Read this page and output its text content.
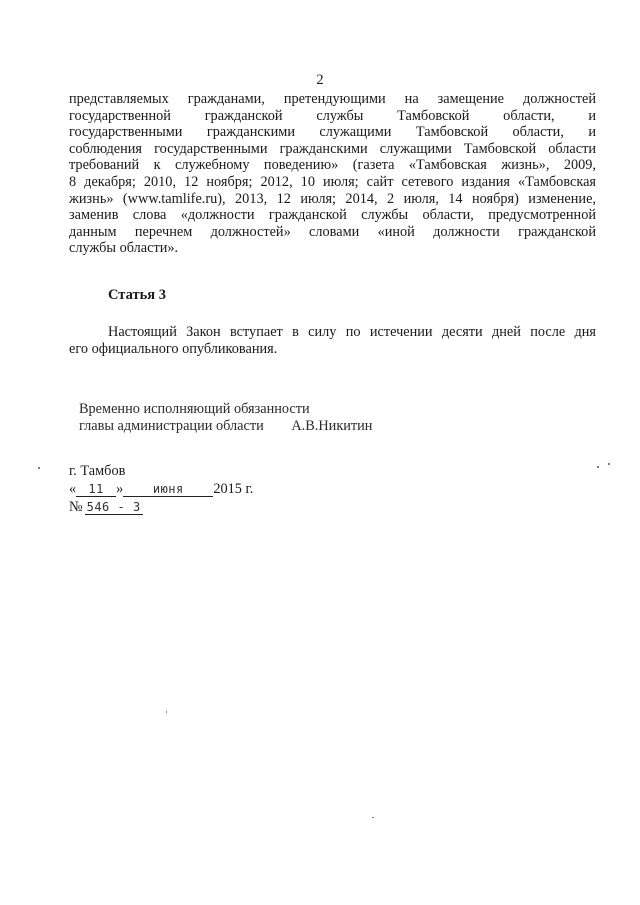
2
представляемых гражданами, претендующими на замещение должностей
государственной гражданской службы Тамбовской области, и
государственными гражданскими служащими Тамбовской области, и
соблюдения государственными гражданскими служащими Тамбовской области
требований к служебному поведению» (газета «Тамбовская жизнь», 2009,
8 декабря; 2010, 12 ноября; 2012, 10 июля; сайт сетевого издания «Тамбовская
жизнь» (www.tamlife.ru), 2013, 12 июля; 2014, 2 июля, 14 ноября) изменение,
заменив слова «должности гражданской службы области, предусмотренной
данным перечнем должностей» словами «иной должности гражданской
службы области».
Статья 3
Настоящий Закон вступает в силу по истечении десяти дней после дня
его официального опубликования.
Временно исполняющий обязанности
главы администрации области А.В.Никитин
г. Тамбов
« 11 » июня 2015 г.
№ 546 - З
